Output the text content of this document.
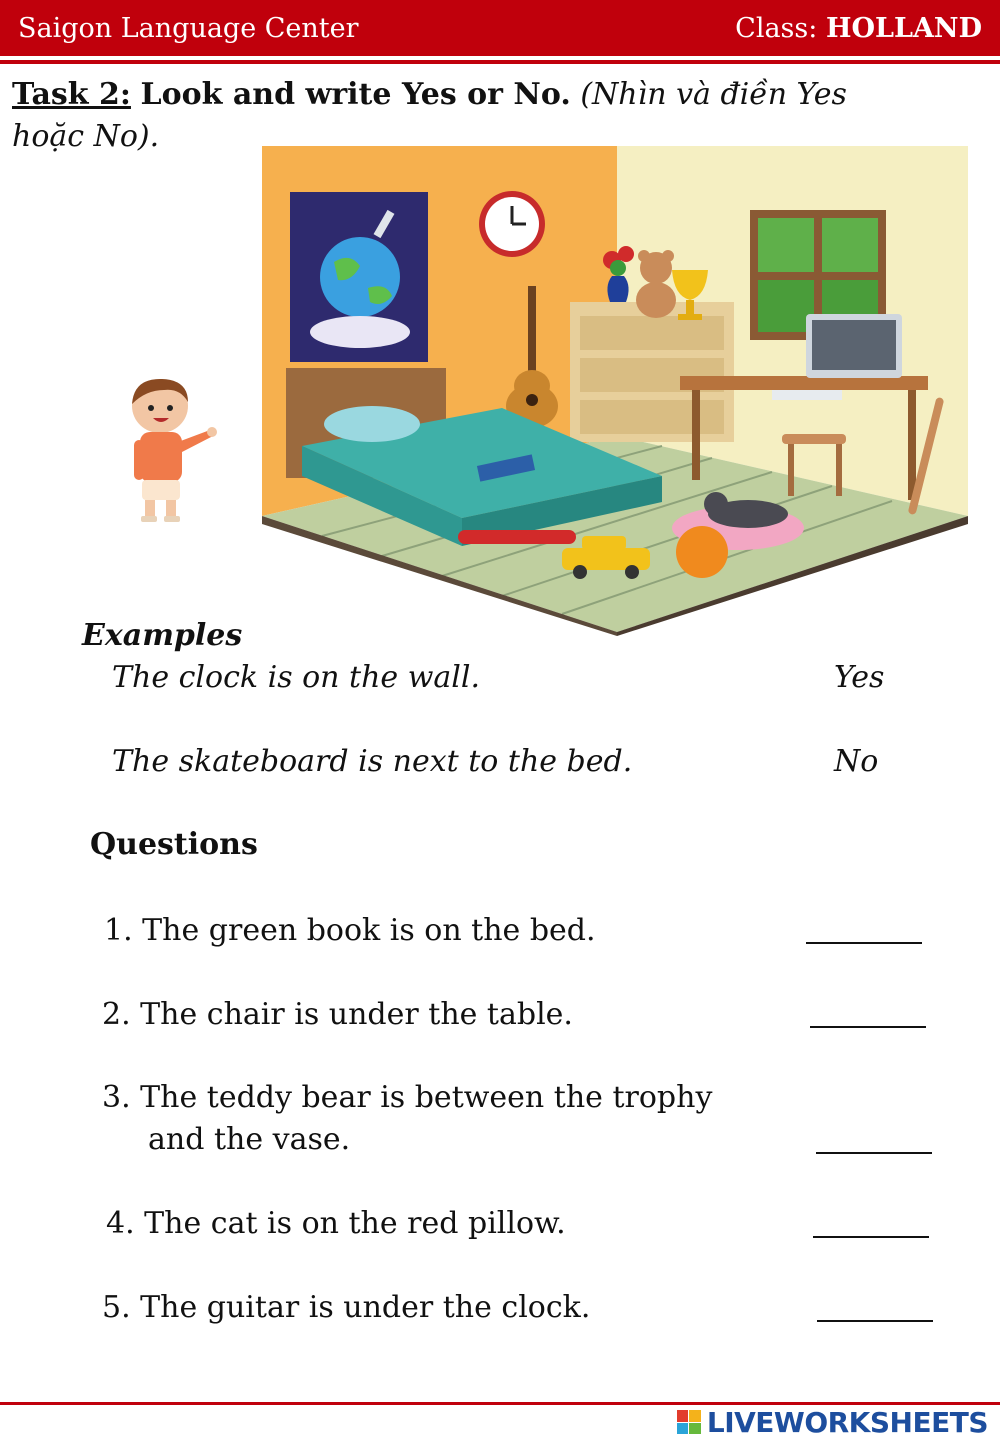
Saigon Language Center	Class: HOLLAND
Task 2: Look and write Yes or No. (Nhìn và điền Yes hoặc No).
Examples
The clock is on the wall.	Yes
The skateboard is next to the bed.	No
Questions
1. The green book is on the bed.
2. The chair is under the table.
3. The teddy bear is between the trophy
and the vase.
4. The cat is on the red pillow.
5. The guitar is under the clock.
LIVEWORKSHEETS
